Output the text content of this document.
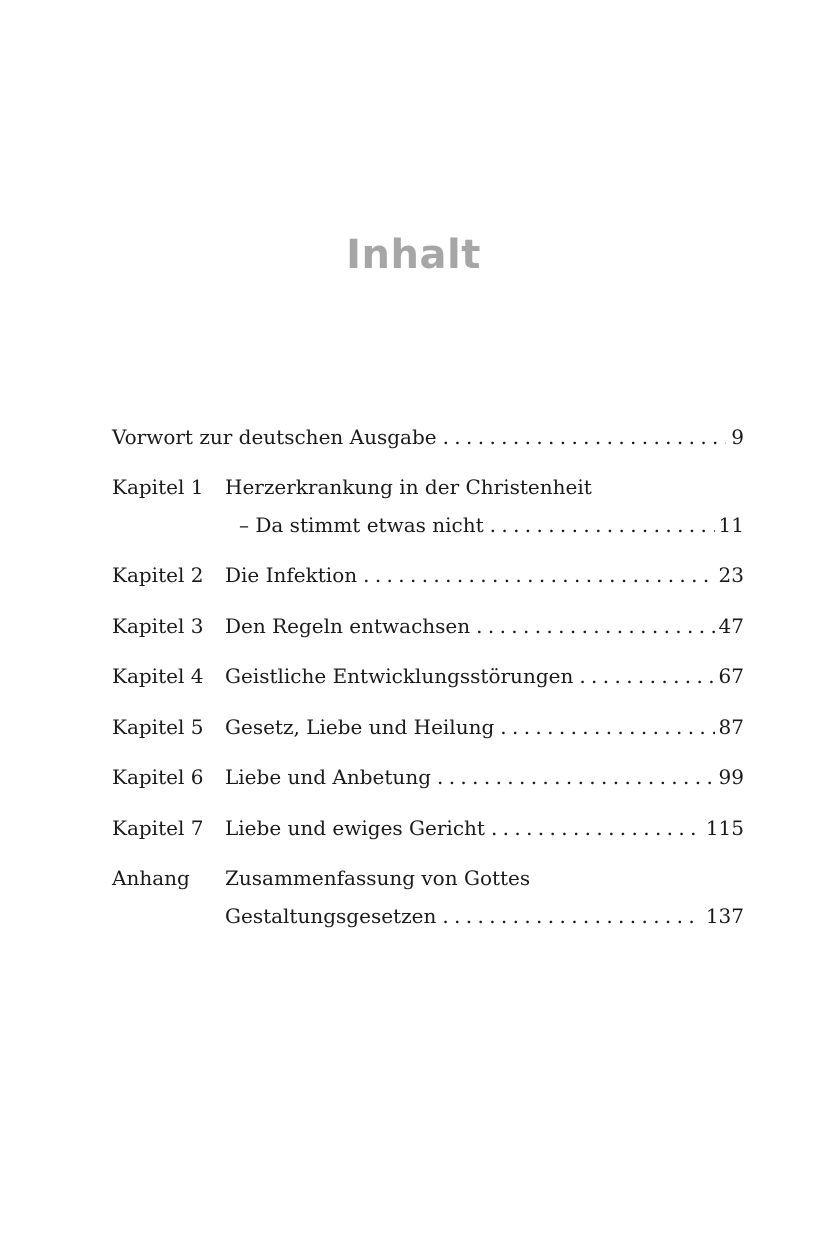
Inhalt
Vorwort zur deutschen Ausgabe . . .	9
Kapitel 1	Herzerkrankung in der Christenheit
– Da stimmt etwas nicht . . .	11
Kapitel 2	Die Infektion . . .	23
Kapitel 3	Den Regeln entwachsen . . .	47
Kapitel 4	Geistliche Entwicklungsstörungen . . .	67
Kapitel 5	Gesetz, Liebe und Heilung . . .	87
Kapitel 6	Liebe und Anbetung . . .	99
Kapitel 7	Liebe und ewiges Gericht . . .	115
Anhang	Zusammenfassung von Gottes
Gestaltungsgesetzen . . .	137
